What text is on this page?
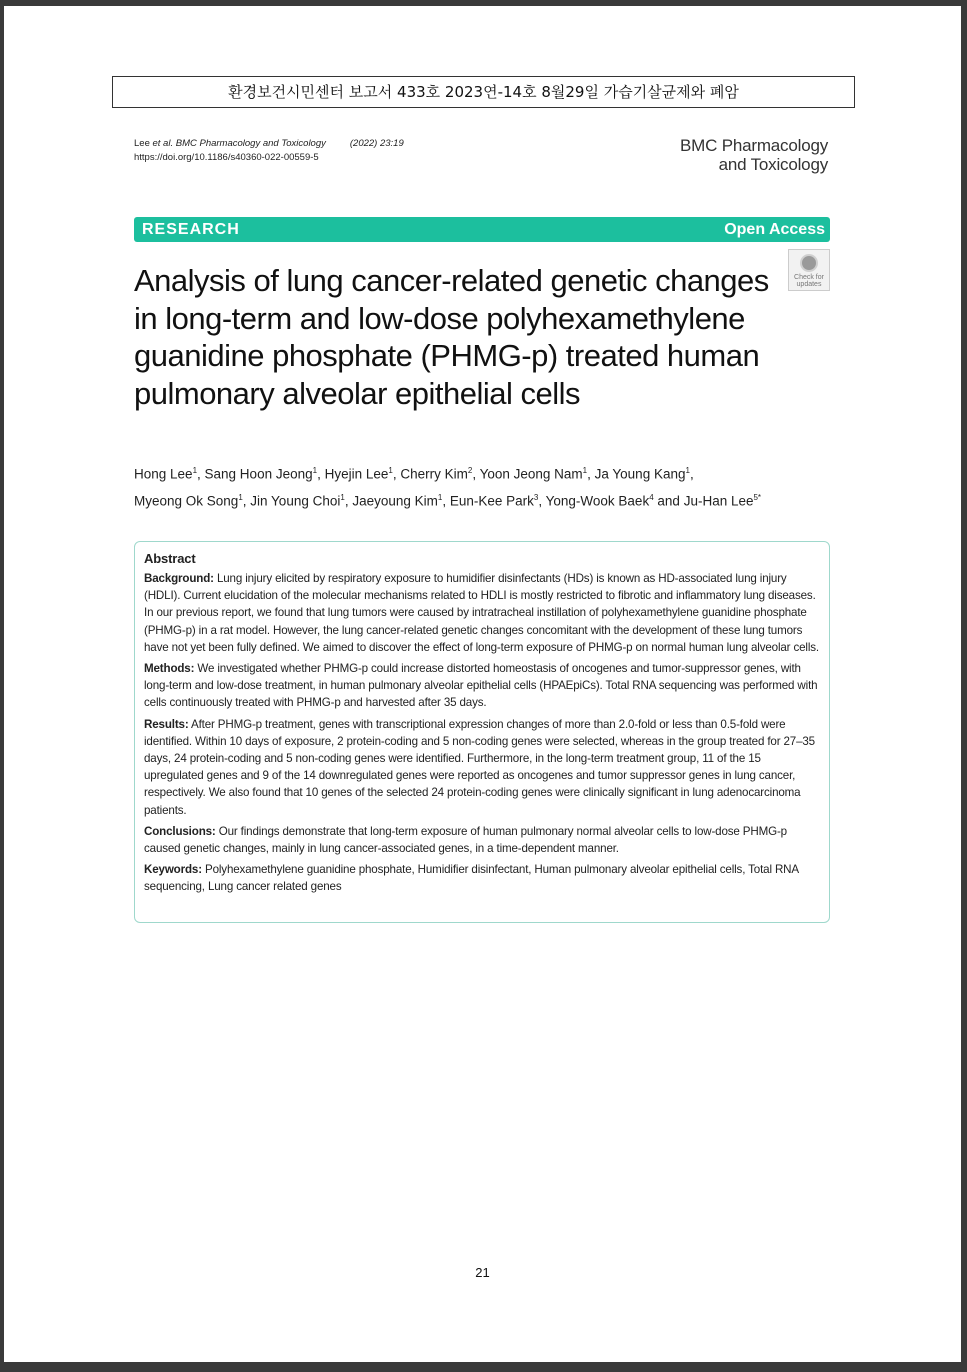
환경보건시민센터 보고서 433호 2023연-14호 8월29일 가습기살균제와 폐암
Lee et al. BMC Pharmacology and Toxicology	(2022) 23:19
https://doi.org/10.1186/s40360-022-00559-5
BMC Pharmacology
and Toxicology
RESEARCH	Open Access
Check for updates
Analysis of lung cancer-related genetic changes in long-term and low-dose polyhexamethylene guanidine phosphate (PHMG-p) treated human pulmonary alveolar epithelial cells
Hong Lee$^1$, Sang Hoon Jeong$^1$, Hyejin Lee$^1$, Cherry Kim$^2$, Yoon Jeong Nam$^1$, Ja Young Kang$^1$,
Myeong Ok Song$^1$, Jin Young Choi$^1$, Jaeyoung Kim$^1$, Eun-Kee Park$^3$, Yong-Wook Baek$^4$ and Ju-Han Lee$^{5*}$
Abstract

Background: Lung injury elicited by respiratory exposure to humidifier disinfectants (HDs) is known as HD-associated lung injury (HDLI). Current elucidation of the molecular mechanisms related to HDLI is mostly restricted to fibrotic and inflammatory lung diseases. In our previous report, we found that lung tumors were caused by intratracheal instillation of polyhexamethylene guanidine phosphate (PHMG-p) in a rat model. However, the lung cancer-related genetic changes concomitant with the development of these lung tumors have not yet been fully defined. We aimed to discover the effect of long-term exposure of PHMG-p on normal human lung alveolar cells.

Methods: We investigated whether PHMG-p could increase distorted homeostasis of oncogenes and tumor-suppressor genes, with long-term and low-dose treatment, in human pulmonary alveolar epithelial cells (HPAEpiCs). Total RNA sequencing was performed with cells continuously treated with PHMG-p and harvested after 35 days.

Results: After PHMG-p treatment, genes with transcriptional expression changes of more than 2.0-fold or less than 0.5-fold were identified. Within 10 days of exposure, 2 protein-coding and 5 non-coding genes were selected, whereas in the group treated for 27–35 days, 24 protein-coding and 5 non-coding genes were identified. Furthermore, in the long-term treatment group, 11 of the 15 upregulated genes and 9 of the 14 downregulated genes were reported as oncogenes and tumor suppressor genes in lung cancer, respectively. We also found that 10 genes of the selected 24 protein-coding genes were clinically significant in lung adenocarcinoma patients.

Conclusions: Our findings demonstrate that long-term exposure of human pulmonary normal alveolar cells to low-dose PHMG-p caused genetic changes, mainly in lung cancer-associated genes, in a time-dependent manner.

Keywords: Polyhexamethylene guanidine phosphate, Humidifier disinfectant, Human pulmonary alveolar epithelial cells, Total RNA sequencing, Lung cancer related genes

21
